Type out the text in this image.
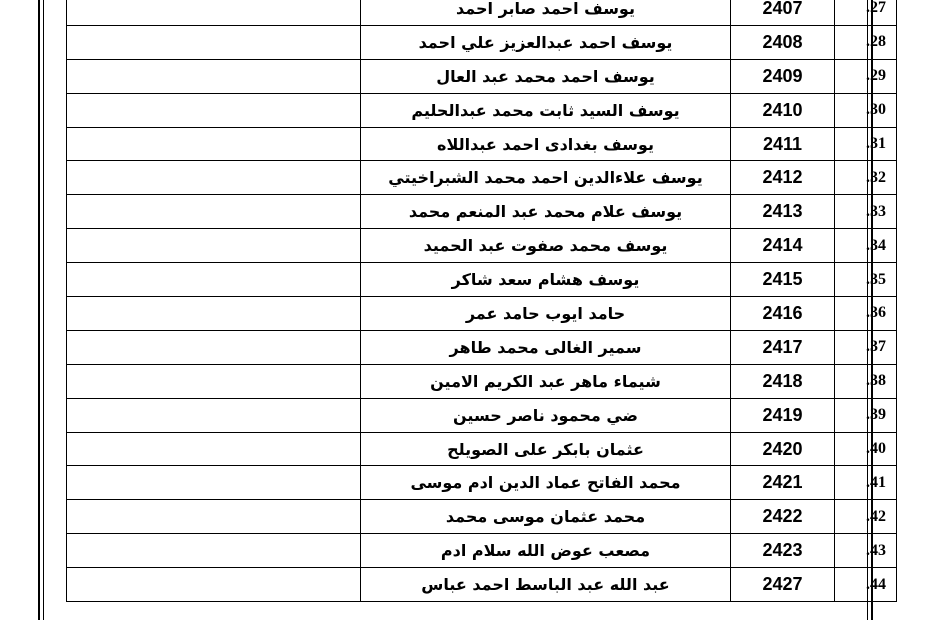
	يوسف احمد صابر احمد	2407	.27
	يوسف احمد عبدالعزيز علي احمد	2408	.28
	يوسف احمد محمد عبد العال	2409	.29
	يوسف السيد ثابت محمد عبدالحليم	2410	.30
	يوسف بغدادى احمد عبداللاه	2411	.31
	يوسف علاءالدين احمد محمد الشبراخيتي	2412	.32
	يوسف علام محمد عبد المنعم محمد	2413	.33
	يوسف محمد صفوت عبد الحميد	2414	.34
	يوسف هشام سعد شاكر	2415	.35
	حامد ايوب حامد عمر	2416	.36
	سمير الغالى محمد طاهر	2417	.37
	شيماء ماهر عبد الكريم الامين	2418	.38
	ضي محمود ناصر حسين	2419	.39
	عثمان بابكر على الصويلح	2420	.40
	محمد الفاتح عماد الدين ادم موسى	2421	.41
	محمد عثمان موسى محمد	2422	.42
	مصعب عوض الله سلام ادم	2423	.43
	عبد الله عبد الباسط احمد عباس	2427	.44
